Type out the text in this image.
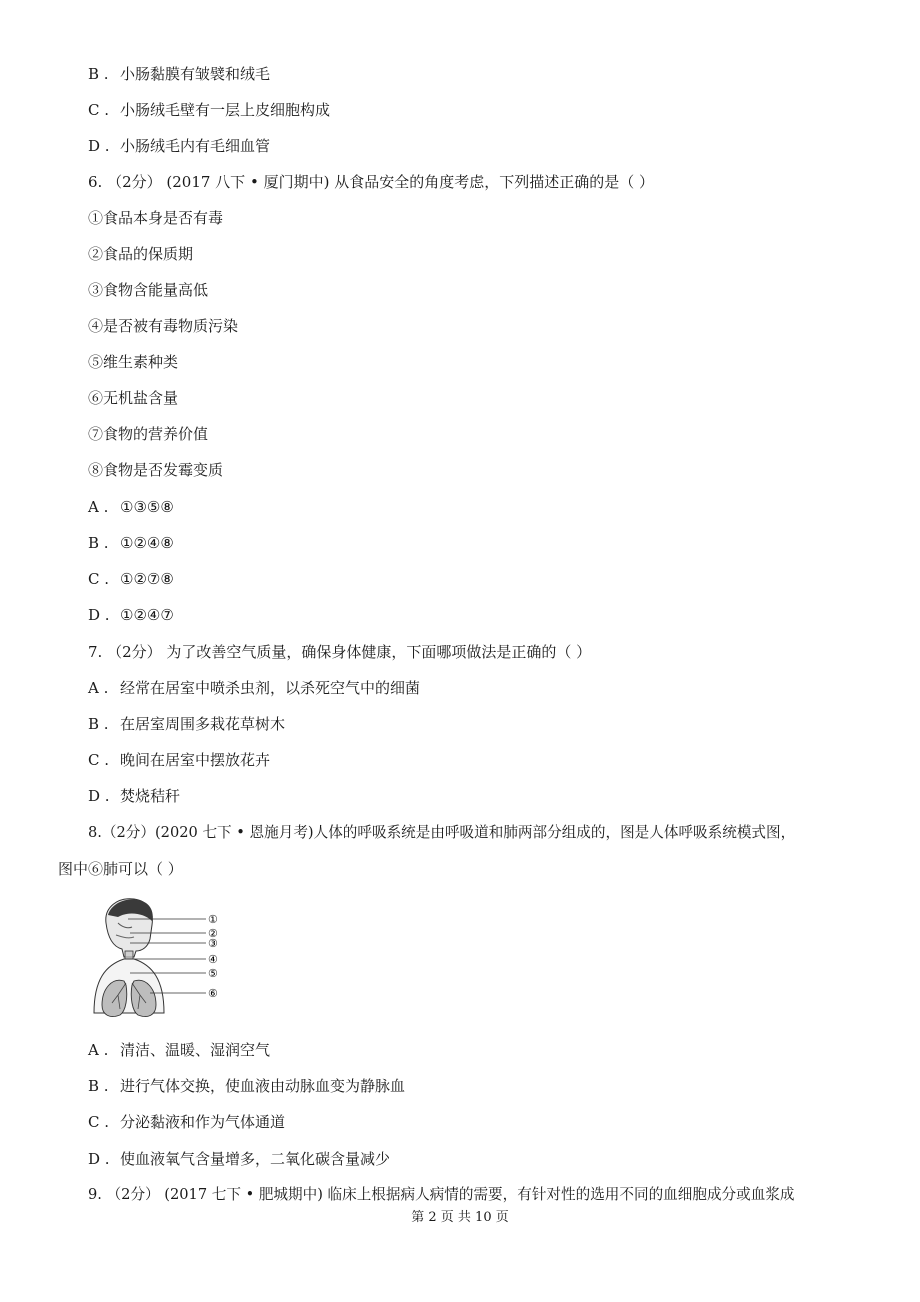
B . 小肠黏膜有皱襞和绒毛
C . 小肠绒毛壁有一层上皮细胞构成
D . 小肠绒毛内有毛细血管
6. （2分） (2017 八下 • 厦门期中) 从食品安全的角度考虑，下列描述正确的是（ ）
①食品本身是否有毒
②食品的保质期
③食物含能量高低
④是否被有毒物质污染
⑤维生素种类
⑥无机盐含量
⑦食物的营养价值
⑧食物是否发霉变质
A . ①③⑤⑧
B . ①②④⑧
C . ①②⑦⑧
D . ①②④⑦
7. （2分） 为了改善空气质量，确保身体健康，下面哪项做法是正确的（ ）
A . 经常在居室中喷杀虫剂，以杀死空气中的细菌
B . 在居室周围多栽花草树木
C . 晚间在居室中摆放花卉
D . 焚烧秸秆
8.（2分）(2020 七下 • 恩施月考)人体的呼吸系统是由呼吸道和肺两部分组成的，图是人体呼吸系统模式图，
图中⑥肺可以（ ）
①
②
③
④
⑤
⑥
A . 清洁、温暖、湿润空气
B . 进行气体交换，使血液由动脉血变为静脉血
C . 分泌黏液和作为气体通道
D . 使血液氧气含量增多，二氧化碳含量减少
9. （2分） (2017 七下 • 肥城期中) 临床上根据病人病情的需要，有针对性的选用不同的血细胞成分或血浆成
第 2 页 共 10 页
